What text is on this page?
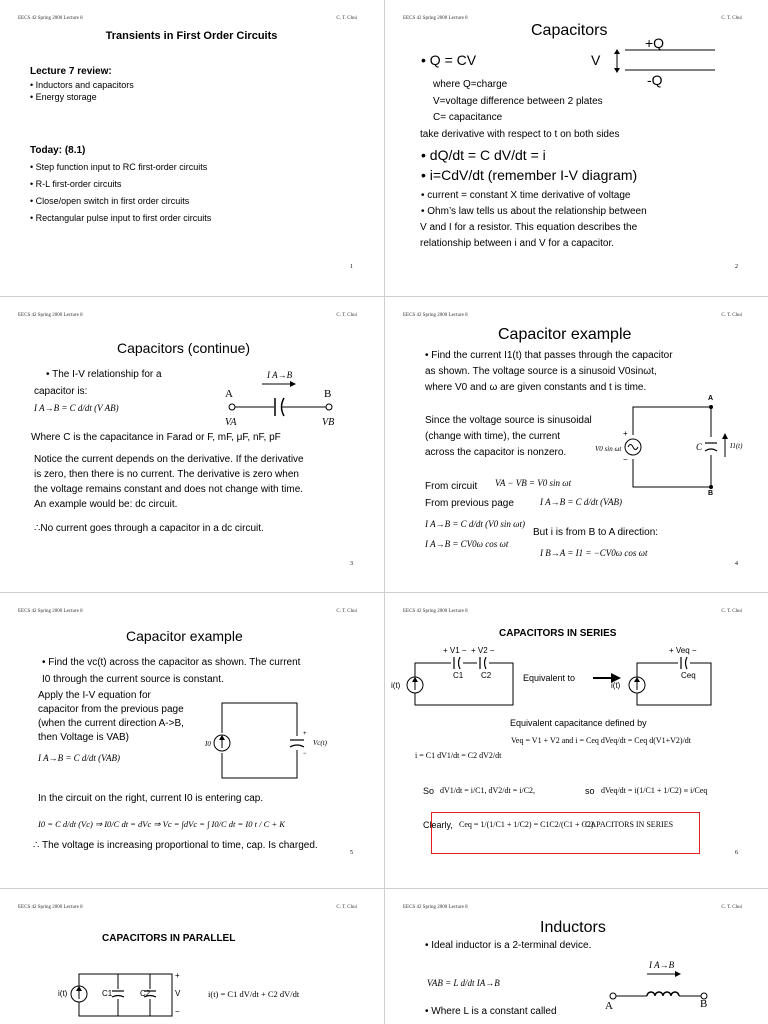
EECS 42 Spring 2000 Lecture 8	C. T. Chui
Transients in First Order Circuits
Lecture 7 review:
• Inductors and capacitors
• Energy storage
Today: (8.1)
• Step function input to RC first-order circuits
• R-L first-order circuits
• Close/open switch in first order circuits
• Rectangular pulse input to first order circuits
1
EECS 42 Spring 2000 Lecture 8	C. T. Chui
Capacitors
• Q = CV	V
+Q
-Q
where Q=charge
V=voltage difference between 2 plates
C= capacitance
take derivative with respect to t on both sides
• dQ/dt = C dV/dt = i
• i=CdV/dt (remember I-V diagram)
• current = constant X time derivative of voltage
• Ohm’s law tells us about the relationship between
V and I for a resistor. This equation describes the
relationship between i and V for a capacitor.
2
EECS 42 Spring 2000 Lecture 8	C. T. Chui
Capacitors (continue)
• The I-V relationship for a
capacitor is:
I A→B = C d/dt (V AB)
I A→B
A	B
VA	VB
Where C is the capacitance in Farad or F, mF, μF, nF, pF
Notice the current depends on the derivative. If the derivative
is zero, then there is no current. The derivative is zero when
the voltage remains constant and does not change with time.
An example would be: dc circuit.
∴No current goes through a capacitor in a dc circuit.
3
EECS 42 Spring 2000 Lecture 8	C. T. Chui
Capacitor example
• Find the current I1(t) that passes through the capacitor
as shown. The voltage source is a sinusoid V0sinωt,
where V0 and ω are given constants and t is time.
Since the voltage source is sinusoidal
(change with time), the current
across the capacitor is nonzero.
+
−
V0 sin ωt	C	I1(t)
A
B
From circuit VA − VB = V0 sin ωt
From previous page	I A→B = C d/dt (VAB)
I A→B = C d/dt (V0 sin ωt)
I A→B = CV0ω cos ωt
But i is from B to A direction:
I B→A = I1 = −CV0ω cos ωt
4
EECS 42 Spring 2000 Lecture 8	C. T. Chui
Capacitor example
• Find the vc(t) across the capacitor as shown. The current
I0 through the current source is constant.
Apply the I-V equation for
capacitor from the previous page
(when the current direction A->B,
then Voltage is VAB)
I A→B = C d/dt (VAB)
I0
+
−
Vc(t)
In the circuit on the right, current I0 is entering cap.
I0 = C d/dt (Vc) ⇒ I0/C dt = dVc ⇒ Vc = ∫dVc = ∫ I0/C dt = I0 t / C + K
∴ The voltage is increasing proportional to time, cap. Is charged.
5
EECS 42 Spring 2000 Lecture 8	C. T. Chui
CAPACITORS IN SERIES
+ V1 − + V2 −
C1 C2
i(t)
Equivalent to
+ Veq −
Ceq
i(t)
Equivalent capacitance defined by
Veq = V1 + V2 and i = Ceq dVeq/dt = Ceq d(V1+V2)/dt
i = C1 dV1/dt = C2 dV2/dt
So dV1/dt = i/C1, dV2/dt = i/C2,	so dVeq/dt = i(1/C1 + 1/C2) ≡ i/Ceq
Clearly, Ceq = 1/(1/C1 + 1/C2) = C1C2/(C1 + C2)
CAPACITORS IN SERIES
6
EECS 42 Spring 2000 Lecture 8	C. T. Chui
CAPACITORS IN PARALLEL
i(t)	C1	C2
+
V
−
i(t) = C1 dV/dt + C2 dV/dt
EECS 42 Spring 2000 Lecture 8	C. T. Chui
Inductors
• Ideal inductor is a 2-terminal device.
VAB = L d/dt IA→B
• Where L is a constant called
I A→B
A	B
